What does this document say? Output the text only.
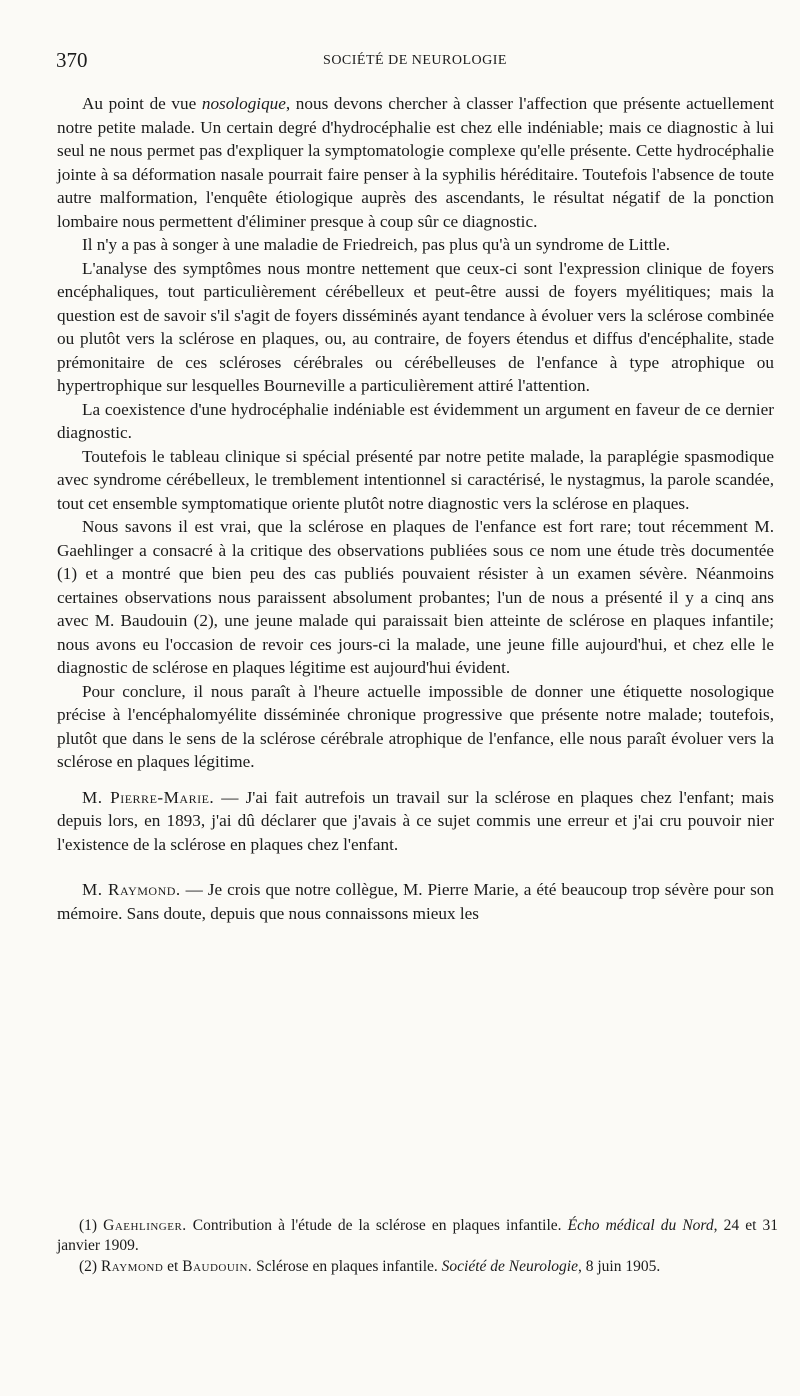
370	SOCIÉTÉ DE NEUROLOGIE

Au point de vue nosologique, nous devons chercher à classer l'affection que présente actuellement notre petite malade. Un certain degré d'hydrocéphalie est chez elle indéniable; mais ce diagnostic à lui seul ne nous permet pas d'expliquer la symptomatologie complexe qu'elle présente. Cette hydrocéphalie jointe à sa déformation nasale pourrait faire penser à la syphilis héréditaire. Toutefois l'absence de toute autre malformation, l'enquête étiologique auprès des ascendants, le résultat négatif de la ponction lombaire nous permettent d'éliminer presque à coup sûr ce diagnostic.

Il n'y a pas à songer à une maladie de Friedreich, pas plus qu'à un syndrome de Little.

L'analyse des symptômes nous montre nettement que ceux-ci sont l'expression clinique de foyers encéphaliques, tout particulièrement cérébelleux et peut-être aussi de foyers myélitiques; mais la question est de savoir s'il s'agit de foyers disséminés ayant tendance à évoluer vers la sclérose combinée ou plutôt vers la sclérose en plaques, ou, au contraire, de foyers étendus et diffus d'encéphalite, stade prémonitaire de ces scléroses cérébrales ou cérébelleuses de l'enfance à type atrophique ou hypertrophique sur lesquelles Bourneville a particulièrement attiré l'attention.

La coexistence d'une hydrocéphalie indéniable est évidemment un argument en faveur de ce dernier diagnostic.

Toutefois le tableau clinique si spécial présenté par notre petite malade, la paraplégie spasmodique avec syndrome cérébelleux, le tremblement intentionnel si caractérisé, le nystagmus, la parole scandée, tout cet ensemble symptomatique oriente plutôt notre diagnostic vers la sclérose en plaques.

Nous savons il est vrai, que la sclérose en plaques de l'enfance est fort rare; tout récemment M. Gaehlinger a consacré à la critique des observations publiées sous ce nom une étude très documentée (1) et a montré que bien peu des cas publiés pouvaient résister à un examen sévère. Néanmoins certaines observations nous paraissent absolument probantes; l'un de nous a présenté il y a cinq ans avec M. Baudouin (2), une jeune malade qui paraissait bien atteinte de sclérose en plaques infantile; nous avons eu l'occasion de revoir ces jours-ci la malade, une jeune fille aujourd'hui, et chez elle le diagnostic de sclérose en plaques légitime est aujourd'hui évident.

Pour conclure, il nous paraît à l'heure actuelle impossible de donner une étiquette nosologique précise à l'encéphalomyélite disséminée chronique progressive que présente notre malade; toutefois, plutôt que dans le sens de la sclérose cérébrale atrophique de l'enfance, elle nous paraît évoluer vers la sclérose en plaques légitime.

M. Pierre-Marie. — J'ai fait autrefois un travail sur la sclérose en plaques chez l'enfant; mais depuis lors, en 1893, j'ai dû déclarer que j'avais à ce sujet commis une erreur et j'ai cru pouvoir nier l'existence de la sclérose en plaques chez l'enfant.

M. Raymond. — Je crois que notre collègue, M. Pierre Marie, a été beaucoup trop sévère pour son mémoire. Sans doute, depuis que nous connaissons mieux les

(1) Gaehlinger. Contribution à l'étude de la sclérose en plaques infantile. Écho médical du Nord, 24 et 31 janvier 1909.

(2) Raymond et Baudouin. Sclérose en plaques infantile. Société de Neurologie, 8 juin 1905.
